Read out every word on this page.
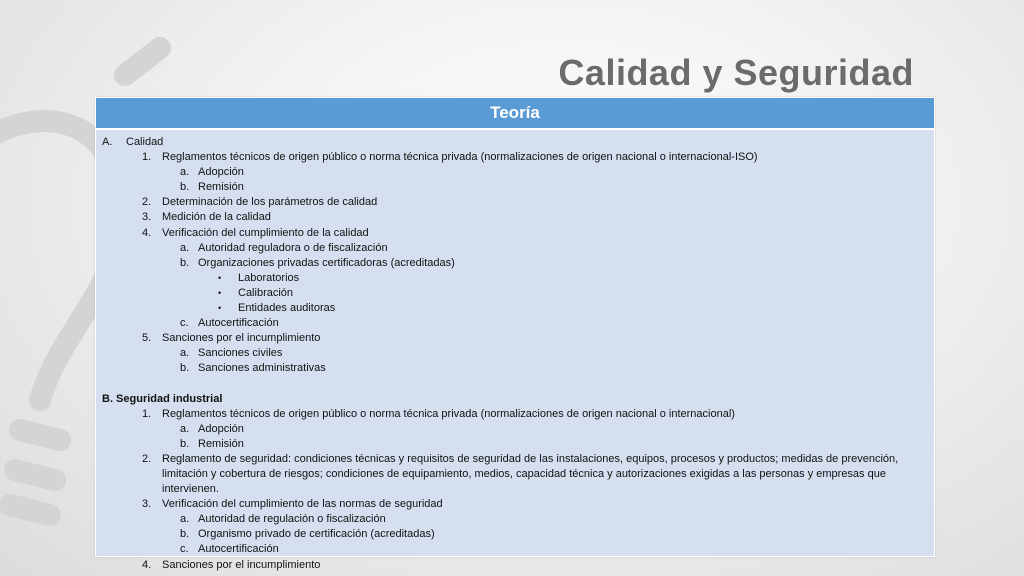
Calidad y Seguridad
Teoría
A.	Calidad
1. Reglamentos técnicos de origen público o norma técnica privada (normalizaciones de origen nacional o internacional-ISO)
a. Adopción
b. Remisión
2. Determinación de los parámetros de calidad
3. Medición de la calidad
4. Verificación del cumplimiento de la calidad
a. Autoridad reguladora o de fiscalización
b. Organizaciones privadas certificadoras (acreditadas)
•	Laboratorios
•	Calibración
•	Entidades auditoras
c. Autocertificación
5. Sanciones por el incumplimiento
a. Sanciones civiles
b. Sanciones administrativas
B. Seguridad industrial
1. Reglamentos técnicos de origen público o norma técnica privada (normalizaciones de origen nacional o internacional)
a. Adopción
b. Remisión
2. Reglamento de seguridad: condiciones técnicas y requisitos de seguridad de las instalaciones, equipos, procesos y productos; medidas de prevención, limitación y cobertura de riesgos; condiciones de equipamiento, medios, capacidad técnica y autorizaciones exigidas a las personas y empresas que intervienen.
3. Verificación del cumplimiento de las normas de seguridad
a. Autoridad de regulación o fiscalización
b. Organismo privado de certificación (acreditadas)
c. Autocertificación
4. Sanciones por el incumplimiento
